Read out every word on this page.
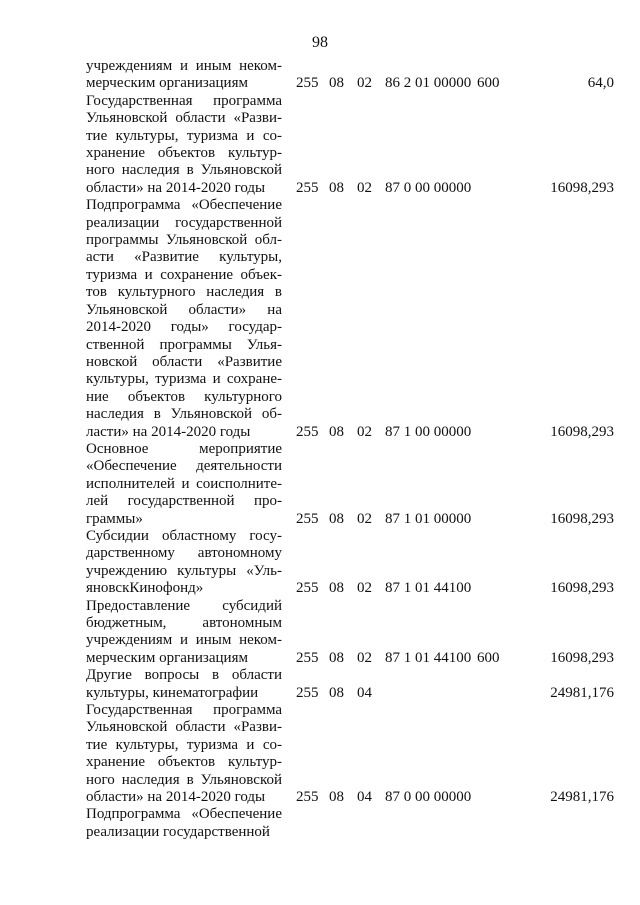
98
учреждениям и иным неком-
мерческим организациям	255 08 02 86 2 01 00000 600	64,0
Государственная программа
Ульяновской области «Разви-
тие культуры, туризма и со-
хранение объектов культур-
ного наследия в Ульяновской
области» на 2014-2020 годы	255 08 02 87 0 00 00000	16098,293
Подпрограмма «Обеспечение
реализации государственной
программы Ульяновской обл-
асти «Развитие культуры,
туризма и сохранение объек-
тов культурного наследия в
Ульяновской области» на
2014-2020 годы» государ-
ственной программы Улья-
новской области «Развитие
культуры, туризма и сохране-
ние объектов культурного
наследия в Ульяновской об-
ласти» на 2014-2020 годы	255 08 02 87 1 00 00000	16098,293
Основное мероприятие
«Обеспечение деятельности
исполнителей и соисполните-
лей государственной про-
граммы»	255 08 02 87 1 01 00000	16098,293
Субсидии областному госу-
дарственному автономному
учреждению культуры «Уль-
яновскКинофонд»	255 08 02 87 1 01 44100	16098,293
Предоставление субсидий
бюджетным, автономным
учреждениям и иным неком-
мерческим организациям	255 08 02 87 1 01 44100 600	16098,293
Другие вопросы в области
культуры, кинематографии	255 08 04	24981,176
Государственная программа
Ульяновской области «Разви-
тие культуры, туризма и со-
хранение объектов культур-
ного наследия в Ульяновской
области» на 2014-2020 годы	255 08 04 87 0 00 00000	24981,176
Подпрограмма «Обеспечение
реализации государственной
